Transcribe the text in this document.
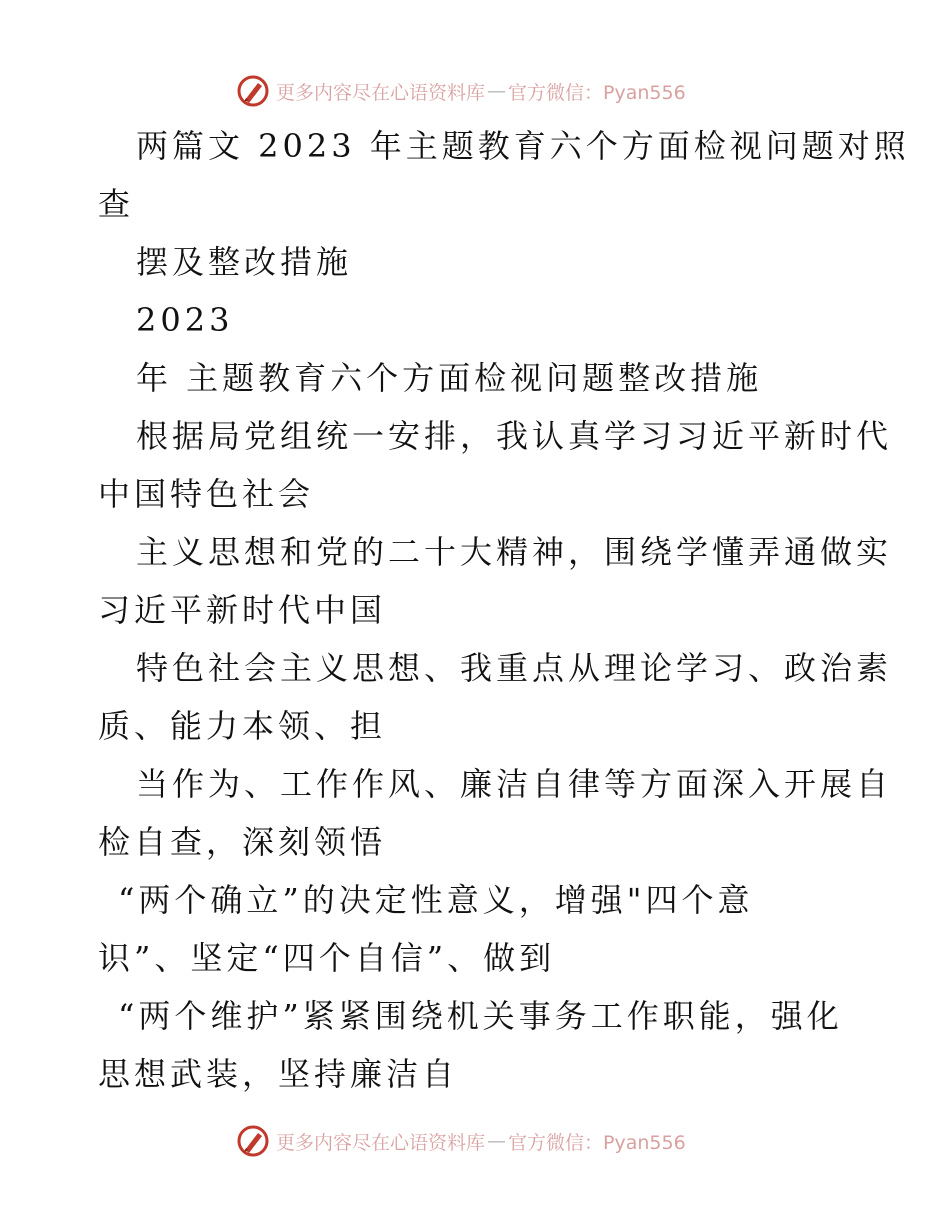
更多内容尽在心语资料库 — 官方微信：Pyan556
两篇文 2023 年主题教育六个方面检视问题对照
查
摆及整改措施
2023
年 主题教育六个方面检视问题整改措施
根据局党组统一安排，我认真学习习近平新时代
中国特色社会
主义思想和党的二十大精神，围绕学懂弄通做实
习近平新时代中国
特色社会主义思想、我重点从理论学习、政治素
质、能力本领、担
当作为、工作作风、廉洁自律等方面深入开展自
检自查，深刻领悟
“两个确立”的决定性意义，增强"四个意
识”、坚定“四个自信”、做到
“两个维护”紧紧围绕机关事务工作职能，强化
思想武装，坚持廉洁自
更多内容尽在心语资料库 — 官方微信：Pyan556
